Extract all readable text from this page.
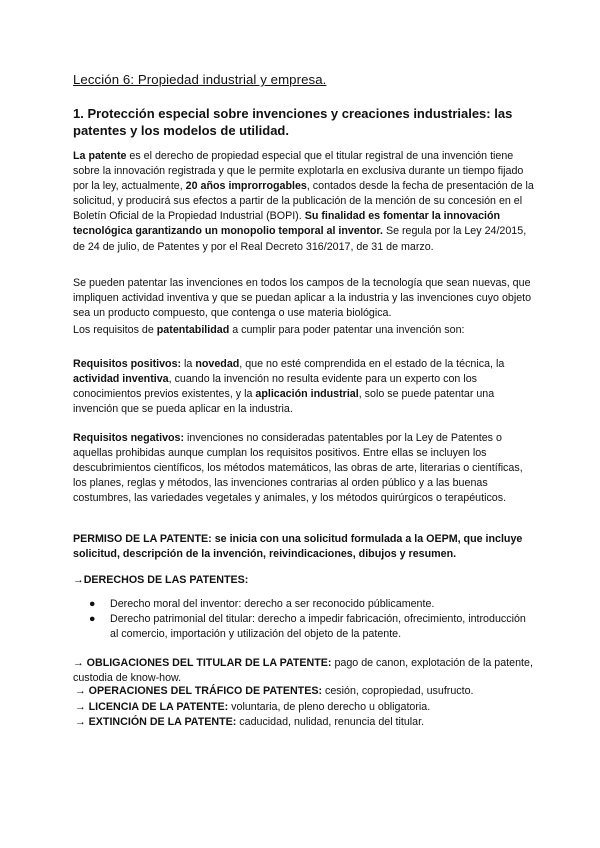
Lección 6: Propiedad industrial y empresa.
1. Protección especial sobre invenciones y creaciones industriales: las patentes y los modelos de utilidad.
La patente es el derecho de propiedad especial que el titular registral de una invención tiene sobre la innovación registrada y que le permite explotarla en exclusiva durante un tiempo fijado por la ley, actualmente, 20 años improrrogables, contados desde la fecha de presentación de la solicitud, y producirá sus efectos a partir de la publicación de la mención de su concesión en el Boletín Oficial de la Propiedad Industrial (BOPI). Su finalidad es fomentar la innovación tecnológica garantizando un monopolio temporal al inventor. Se regula por la Ley 24/2015, de 24 de julio, de Patentes y por el Real Decreto 316/2017, de 31 de marzo.
Se pueden patentar las invenciones en todos los campos de la tecnología que sean nuevas, que impliquen actividad inventiva y que se puedan aplicar a la industria y las invenciones cuyo objeto sea un producto compuesto, que contenga o use materia biológica.
Los requisitos de patentabilidad a cumplir para poder patentar una invención son:
Requisitos positivos: la novedad, que no esté comprendida en el estado de la técnica, la actividad inventiva, cuando la invención no resulta evidente para un experto con los conocimientos previos existentes, y la aplicación industrial, solo se puede patentar una invención que se pueda aplicar en la industria.
Requisitos negativos: invenciones no consideradas patentables por la Ley de Patentes o aquellas prohibidas aunque cumplan los requisitos positivos. Entre ellas se incluyen los descubrimientos científicos, los métodos matemáticos, las obras de arte, literarias o científicas, los planes, reglas y métodos, las invenciones contrarias al orden público y a las buenas costumbres, las variedades vegetales y animales, y los métodos quirúrgicos o terapéuticos.
PERMISO DE LA PATENTE: se inicia con una solicitud formulada a la OEPM, que incluye solicitud, descripción de la invención, reivindicaciones, dibujos y resumen.
→DERECHOS DE LAS PATENTES:
● Derecho moral del inventor: derecho a ser reconocido públicamente.
● Derecho patrimonial del titular: derecho a impedir fabricación, ofrecimiento, introducción al comercio, importación y utilización del objeto de la patente.
→ OBLIGACIONES DEL TITULAR DE LA PATENTE: pago de canon, explotación de la patente, custodia de know-how.
→ OPERACIONES DEL TRÁFICO DE PATENTES: cesión, copropiedad, usufructo.
→ LICENCIA DE LA PATENTE: voluntaria, de pleno derecho u obligatoria.
→ EXTINCIÓN DE LA PATENTE: caducidad, nulidad, renuncia del titular.
